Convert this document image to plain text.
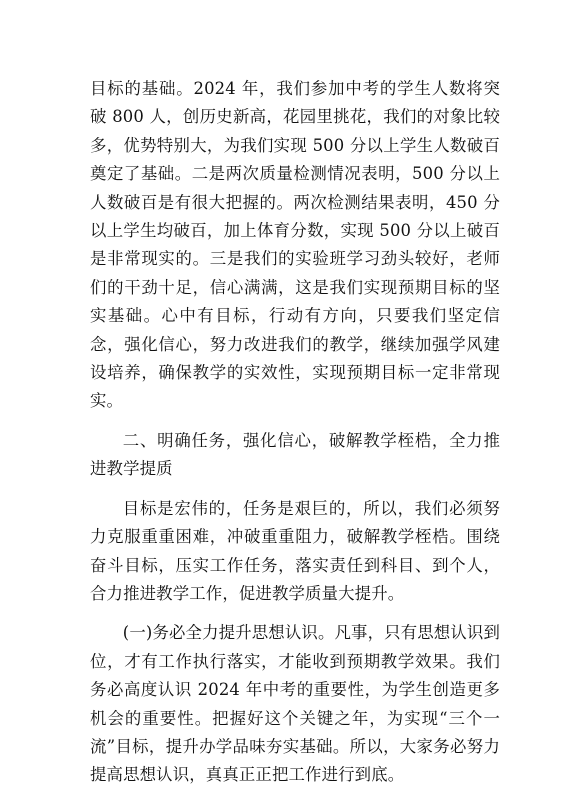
目标的基础。2024 年，我们参加中考的学生人数将突破 800 人，创历史新高，花园里挑花，我们的对象比较多，优势特别大，为我们实现 500 分以上学生人数破百奠定了基础。二是两次质量检测情况表明，500 分以上人数破百是有很大把握的。两次检测结果表明，450 分以上学生均破百，加上体育分数，实现 500 分以上破百是非常现实的。三是我们的实验班学习劲头较好，老师们的干劲十足，信心满满，这是我们实现预期目标的坚实基础。心中有目标，行动有方向，只要我们坚定信念，强化信心，努力改进我们的教学，继续加强学风建设培养，确保教学的实效性，实现预期目标一定非常现实。

二、明确任务，强化信心，破解教学桎梏，全力推进教学提质

目标是宏伟的，任务是艰巨的，所以，我们必须努力克服重重困难，冲破重重阻力，破解教学桎梏。围绕奋斗目标，压实工作任务，落实责任到科目、到个人，合力推进教学工作，促进教学质量大提升。

(一)务必全力提升思想认识。凡事，只有思想认识到位，才有工作执行落实，才能收到预期教学效果。我们务必高度认识 2024 年中考的重要性，为学生创造更多机会的重要性。把握好这个关键之年，为实现“三个一流”目标，提升办学品味夯实基础。所以，大家务必努力提高思想认识，真真正正把工作进行到底。
